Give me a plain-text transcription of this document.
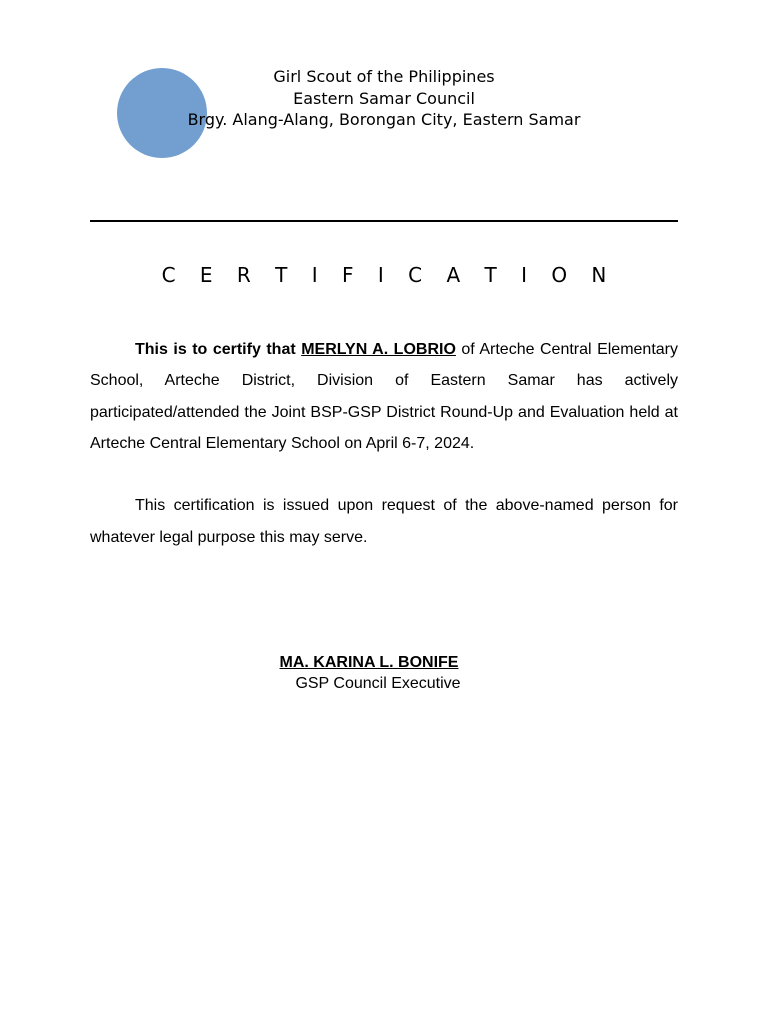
Girl Scout of the Philippines
Eastern Samar Council
Brgy. Alang-Alang, Borongan City, Eastern Samar
C E R T I F I C A T I O N

This is to certify that MERLYN A. LOBRIO of Arteche Central Elementary School, Arteche District, Division of Eastern Samar has actively participated/attended the Joint BSP-GSP District Round-Up and Evaluation held at Arteche Central Elementary School on April 6-7, 2024.

This certification is issued upon request of the above-named person for whatever legal purpose this may serve.

MA. KARINA L. BONIFE
GSP Council Executive
